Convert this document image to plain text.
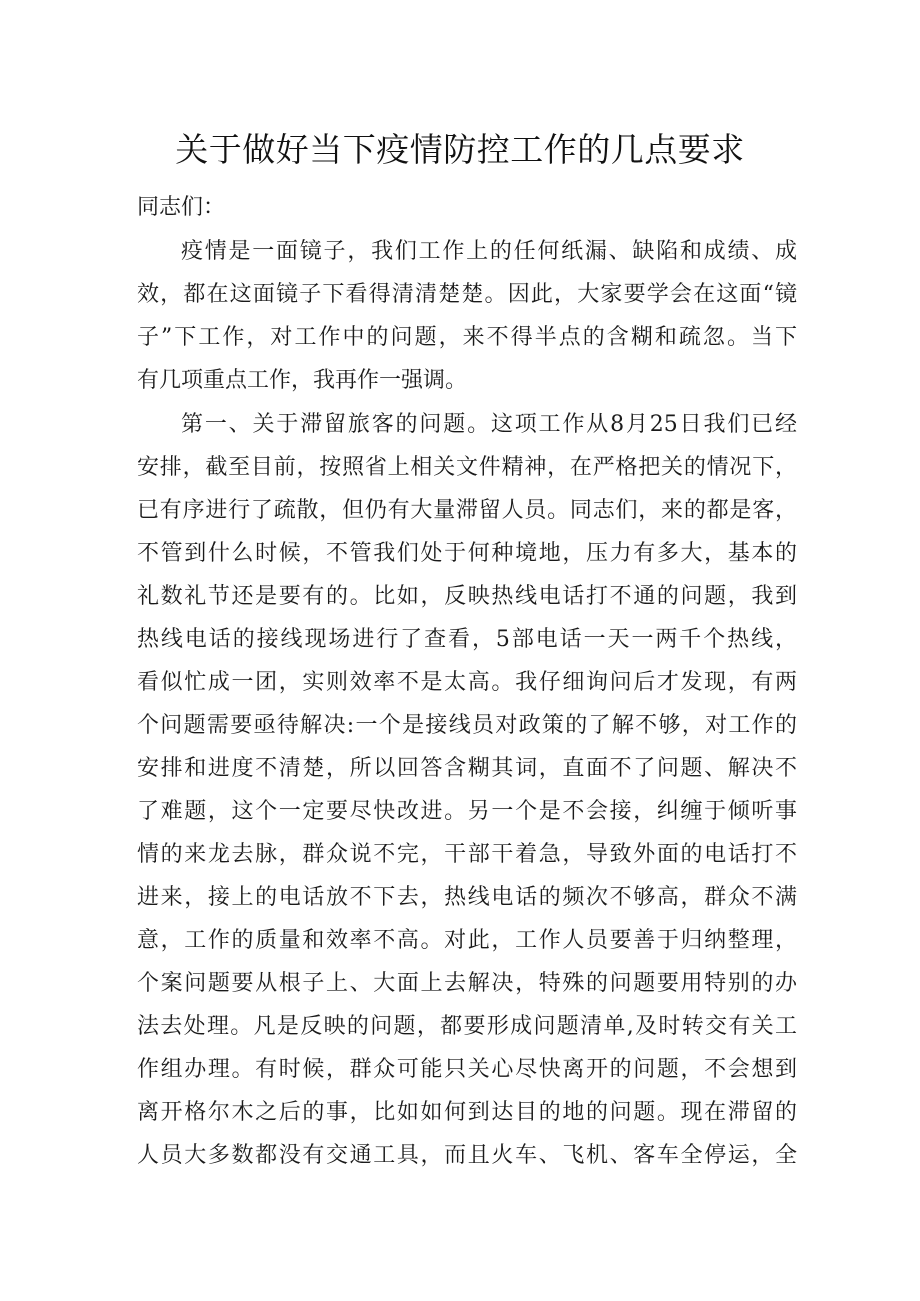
关于做好当下疫情防控工作的几点要求

同志们：

疫情是一面镜子，我们工作上的任何纸漏、缺陷和成绩、成

效，都在这面镜子下看得清清楚楚。因此，大家要学会在这面“镜

子”下工作，对工作中的问题，来不得半点的含糊和疏忽。当下

有几项重点工作，我再作一强调。

第一、关于滞留旅客的问题。这项工作从8月25日我们已经

安排，截至目前，按照省上相关文件精神，在严格把关的情况下，

已有序进行了疏散，但仍有大量滞留人员。同志们，来的都是客，

不管到什么时候，不管我们处于何种境地，压力有多大，基本的

礼数礼节还是要有的。比如，反映热线电话打不通的问题，我到

热线电话的接线现场进行了查看，5部电话一天一两千个热线，

看似忙成一团，实则效率不是太高。我仔细询问后才发现，有两

个问题需要亟待解决:一个是接线员对政策的了解不够，对工作的

安排和进度不清楚，所以回答含糊其词，直面不了问题、解决不

了难题，这个一定要尽快改进。另一个是不会接，纠缠于倾听事

情的来龙去脉，群众说不完，干部干着急，导致外面的电话打不

进来，接上的电话放不下去，热线电话的频次不够高，群众不满

意，工作的质量和效率不高。对此，工作人员要善于归纳整理，

个案问题要从根子上、大面上去解决，特殊的问题要用特别的办

法去处理。凡是反映的问题，都要形成问题清单,及时转交有关工

作组办理。有时候，群众可能只关心尽快离开的问题，不会想到

离开格尔木之后的事，比如如何到达目的地的问题。现在滞留的

人员大多数都没有交通工具，而且火车、飞机、客车全停运，全
